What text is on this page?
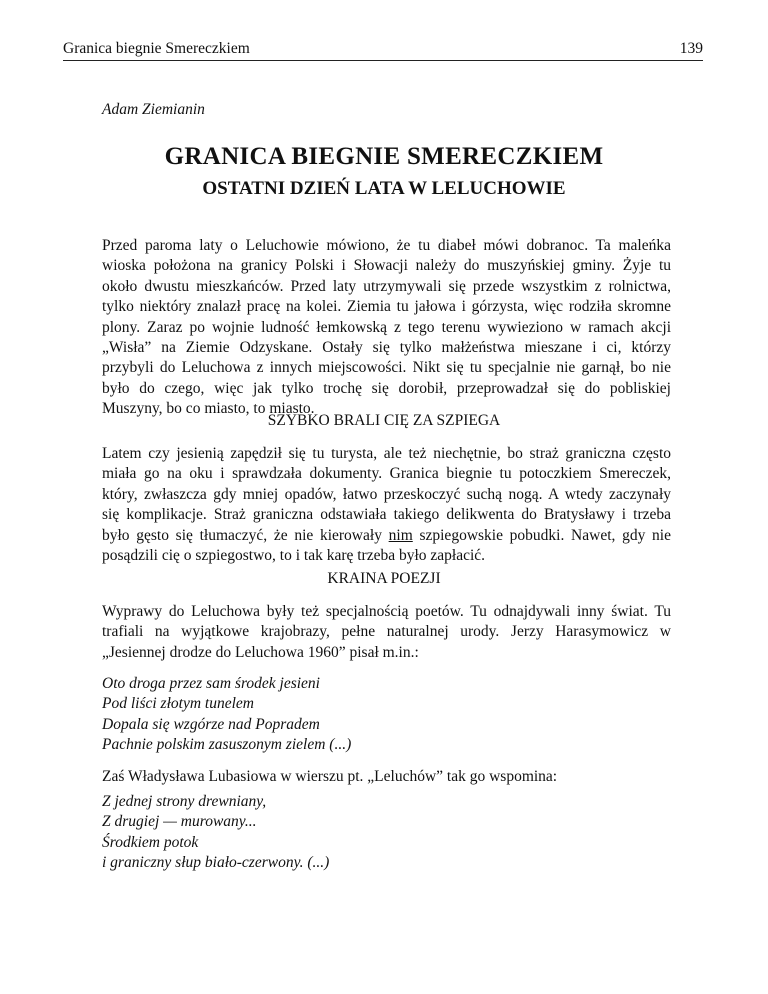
Granica biegnie Smereczkiem	139
Adam Ziemianin
GRANICA BIEGNIE SMERECZKIEM
OSTATNI DZIEŃ LATA W LELUCHOWIE
Przed paroma laty o Leluchowie mówiono, że tu diabeł mówi dobranoc. Ta maleńka
wioska położona na granicy Polski i Słowacji należy do muszyńskiej gminy. Żyje tu
około dwustu mieszkańców. Przed laty utrzymywali się przede wszystkim z rolnictwa,
tylko niektóry znalazł pracę na kolei. Ziemia tu jałowa i górzysta, więc rodziła skromne
plony. Zaraz po wojnie ludność łemkowską z tego terenu wywieziono w ramach akcji
„Wisła” na Ziemie Odzyskane. Ostały się tylko małżeństwa mieszane i ci, którzy
przybyli do Leluchowa z innych miejscowości. Nikt się tu specjalnie nie garnął, bo nie
było do czego, więc jak tylko trochę się dorobił, przeprowadzał się do pobliskiej
Muszyny, bo co miasto, to miasto.
SZYBKO BRALI CIĘ ZA SZPIEGA
Latem czy jesienią zapędził się tu turysta, ale też niechętnie, bo straż graniczna często
miała go na oku i sprawdzała dokumenty. Granica biegnie tu potoczkiem Smereczek,
który, zwłaszcza gdy mniej opadów, łatwo przeskoczyć suchą nogą. A wtedy zaczynały
się komplikacje. Straż graniczna odstawiała takiego delikwenta do Bratysławy i trzeba
było gęsto się tłumaczyć, że nie kierowały nim szpiegowskie pobudki. Nawet, gdy nie
posądzili cię o szpiegostwo, to i tak karę trzeba było zapłacić.
KRAINA POEZJI
Wyprawy do Leluchowa były też specjalnością poetów. Tu odnajdywali inny świat. Tu
trafiali na wyjątkowe krajobrazy, pełne naturalnej urody. Jerzy Harasymowicz w
„Jesiennej drodze do Leluchowa 1960” pisał m.in.:
Oto droga przez sam środek jesieni
Pod liści złotym tunelem
Dopala się wzgórze nad Popradem
Pachnie polskim zasuszonym zielem (...)
Zaś Władysława Lubasiowa w wierszu pt. „Leluchów” tak go wspomina:
Z jednej strony drewniany,
Z drugiej — murowany...
Środkiem potok
i graniczny słup biało-czerwony. (...)
